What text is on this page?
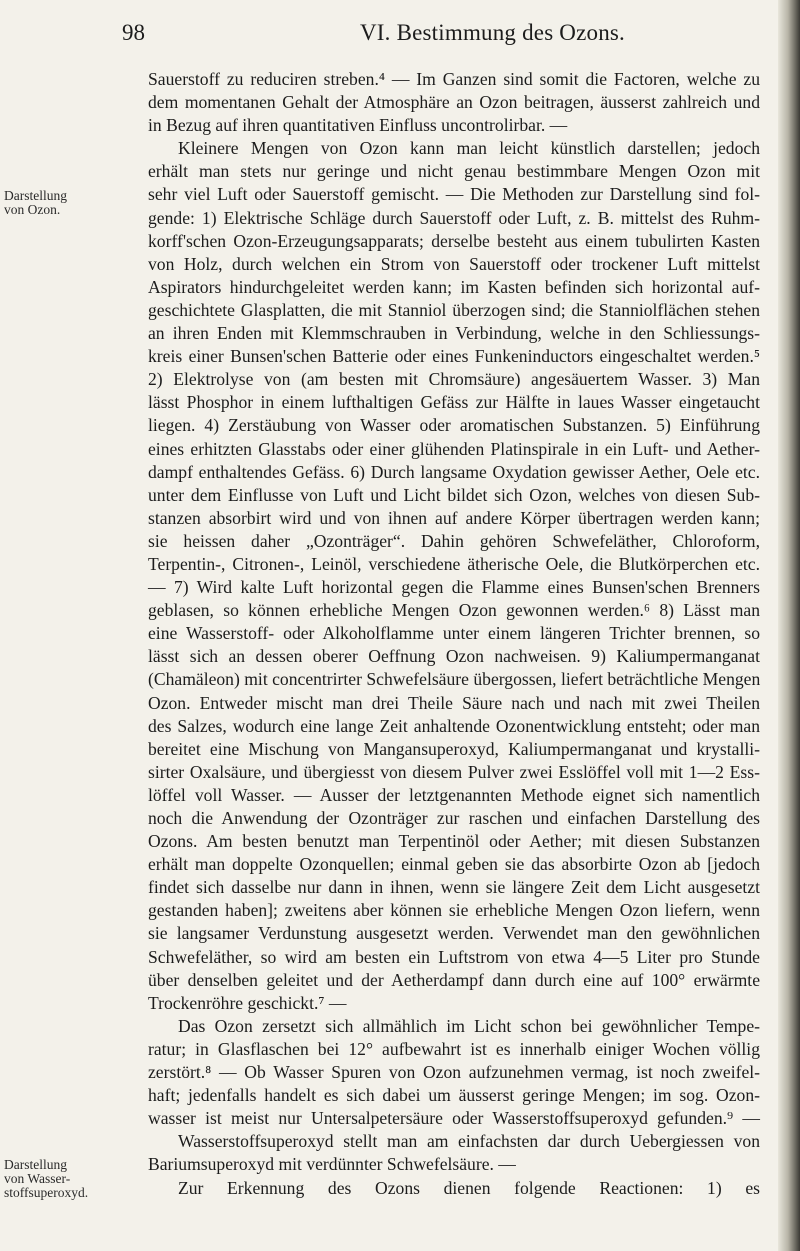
98	VI. Bestimmung des Ozons.
Darstellung
von Ozon.
Darstellung
von Wasser-
stoffsuperoxyd.
Sauerstoff zu reduciren streben.⁴ — Im Ganzen sind somit die Factoren, welche zu
dem momentanen Gehalt der Atmosphäre an Ozon beitragen, äusserst zahlreich und
in Bezug auf ihren quantitativen Einfluss uncontrolirbar. —
Kleinere Mengen von Ozon kann man leicht künstlich darstellen; jedoch
erhält man stets nur geringe und nicht genau bestimmbare Mengen Ozon mit
sehr viel Luft oder Sauerstoff gemischt. — Die Methoden zur Darstellung sind fol-
gende: 1) Elektrische Schläge durch Sauerstoff oder Luft, z. B. mittelst des Ruhm-
korff'schen Ozon-Erzeugungsapparats; derselbe besteht aus einem tubulirten Kasten
von Holz, durch welchen ein Strom von Sauerstoff oder trockener Luft mittelst
Aspirators hindurchgeleitet werden kann; im Kasten befinden sich horizontal auf-
geschichtete Glasplatten, die mit Stanniol überzogen sind; die Stanniolflächen stehen
an ihren Enden mit Klemmschrauben in Verbindung, welche in den Schliessungs-
kreis einer Bunsen'schen Batterie oder eines Funkeninductors eingeschaltet werden.⁵
2) Elektrolyse von (am besten mit Chromsäure) angesäuertem Wasser. 3) Man
lässt Phosphor in einem lufthaltigen Gefäss zur Hälfte in laues Wasser eingetaucht
liegen. 4) Zerstäubung von Wasser oder aromatischen Substanzen. 5) Einführung
eines erhitzten Glasstabs oder einer glühenden Platinspirale in ein Luft- und Aether-
dampf enthaltendes Gefäss. 6) Durch langsame Oxydation gewisser Aether, Oele etc.
unter dem Einflusse von Luft und Licht bildet sich Ozon, welches von diesen Sub-
stanzen absorbirt wird und von ihnen auf andere Körper übertragen werden kann;
sie heissen daher „Ozonträger“. Dahin gehören Schwefeläther, Chloroform,
Terpentin-, Citronen-, Leinöl, verschiedene ätherische Oele, die Blutkörperchen etc.
— 7) Wird kalte Luft horizontal gegen die Flamme eines Bunsen'schen Brenners
geblasen, so können erhebliche Mengen Ozon gewonnen werden.⁶ 8) Lässt man
eine Wasserstoff- oder Alkoholflamme unter einem längeren Trichter brennen, so
lässt sich an dessen oberer Oeffnung Ozon nachweisen. 9) Kaliumpermanganat
(Chamäleon) mit concentrirter Schwefelsäure übergossen, liefert beträchtliche Mengen
Ozon. Entweder mischt man drei Theile Säure nach und nach mit zwei Theilen
des Salzes, wodurch eine lange Zeit anhaltende Ozonentwicklung entsteht; oder man
bereitet eine Mischung von Mangansuperoxyd, Kaliumpermanganat und krystalli-
sirter Oxalsäure, und übergiesst von diesem Pulver zwei Esslöffel voll mit 1—2 Ess-
löffel voll Wasser. — Ausser der letztgenannten Methode eignet sich namentlich
noch die Anwendung der Ozonträger zur raschen und einfachen Darstellung des
Ozons. Am besten benutzt man Terpentinöl oder Aether; mit diesen Substanzen
erhält man doppelte Ozonquellen; einmal geben sie das absorbirte Ozon ab [jedoch
findet sich dasselbe nur dann in ihnen, wenn sie längere Zeit dem Licht ausgesetzt
gestanden haben]; zweitens aber können sie erhebliche Mengen Ozon liefern, wenn
sie langsamer Verdunstung ausgesetzt werden. Verwendet man den gewöhnlichen
Schwefeläther, so wird am besten ein Luftstrom von etwa 4—5 Liter pro Stunde
über denselben geleitet und der Aetherdampf dann durch eine auf 100° erwärmte
Trockenröhre geschickt.⁷ —
Das Ozon zersetzt sich allmählich im Licht schon bei gewöhnlicher Tempe-
ratur; in Glasflaschen bei 12° aufbewahrt ist es innerhalb einiger Wochen völlig
zerstört.⁸ — Ob Wasser Spuren von Ozon aufzunehmen vermag, ist noch zweifel-
haft; jedenfalls handelt es sich dabei um äusserst geringe Mengen; im sog. Ozon-
wasser ist meist nur Untersalpetersäure oder Wasserstoffsuperoxyd gefunden.⁹ —
Wasserstoffsuperoxyd stellt man am einfachsten dar durch Uebergiessen von
Bariumsuperoxyd mit verdünnter Schwefelsäure. —
Zur Erkennung des Ozons dienen folgende Reactionen: 1) es
